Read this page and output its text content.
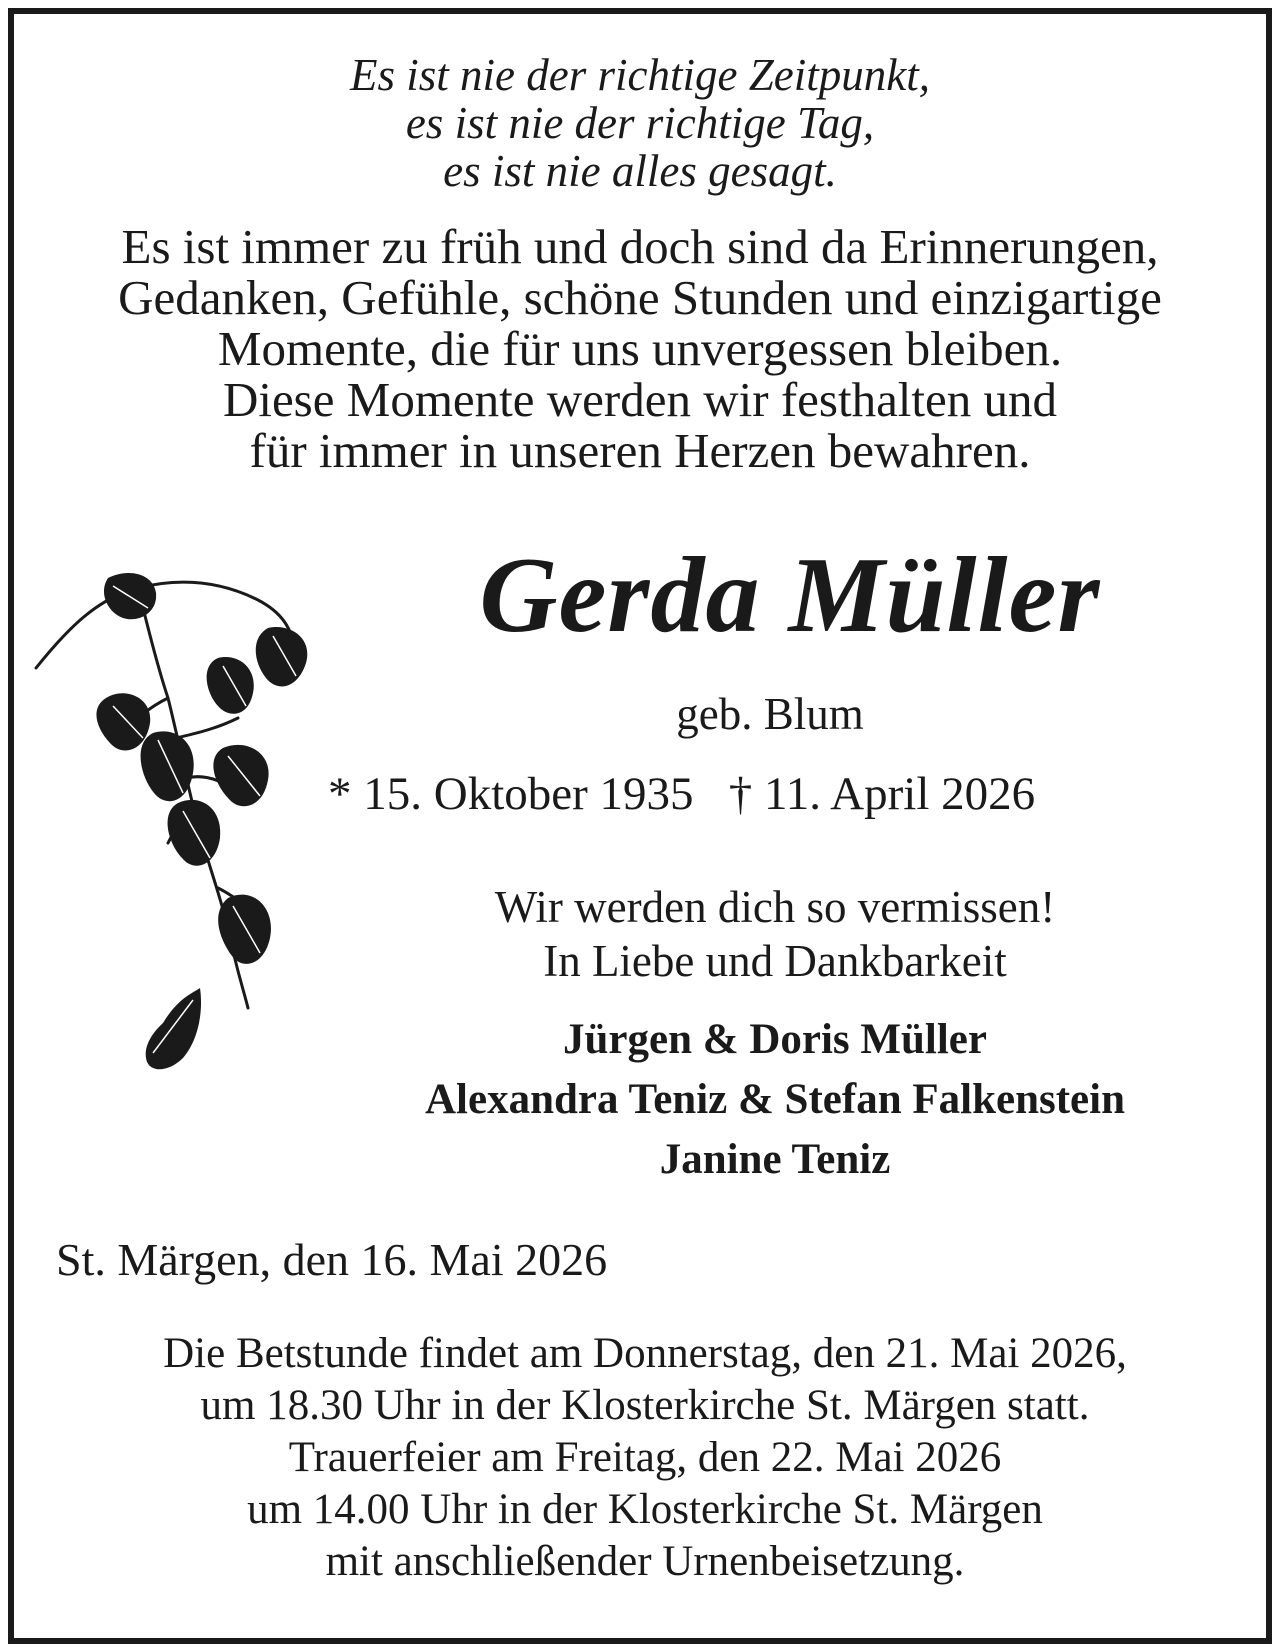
Es ist nie der richtige Zeitpunkt,

es ist nie der richtige Tag,

es ist nie alles gesagt.

Es ist immer zu früh und doch sind da Erinnerungen,

Gedanken, Gefühle, schöne Stunden und einzigartige

Momente, die für uns unvergessen bleiben.

Diese Momente werden wir festhalten und

für immer in unseren Herzen bewahren.

Gerda Müller

geb. Blum

* 15. Oktober 1935   † 11. April 2026

Wir werden dich so vermissen!

In Liebe und Dankbarkeit

Jürgen & Doris Müller

Alexandra Teniz & Stefan Falkenstein

Janine Teniz

St. Märgen, den 16. Mai 2026

Die Betstunde findet am Donnerstag, den 21. Mai 2026,

um 18.30 Uhr in der Klosterkirche St. Märgen statt.

Trauerfeier am Freitag, den 22. Mai 2026

um 14.00 Uhr in der Klosterkirche St. Märgen

mit anschließender Urnenbeisetzung.
